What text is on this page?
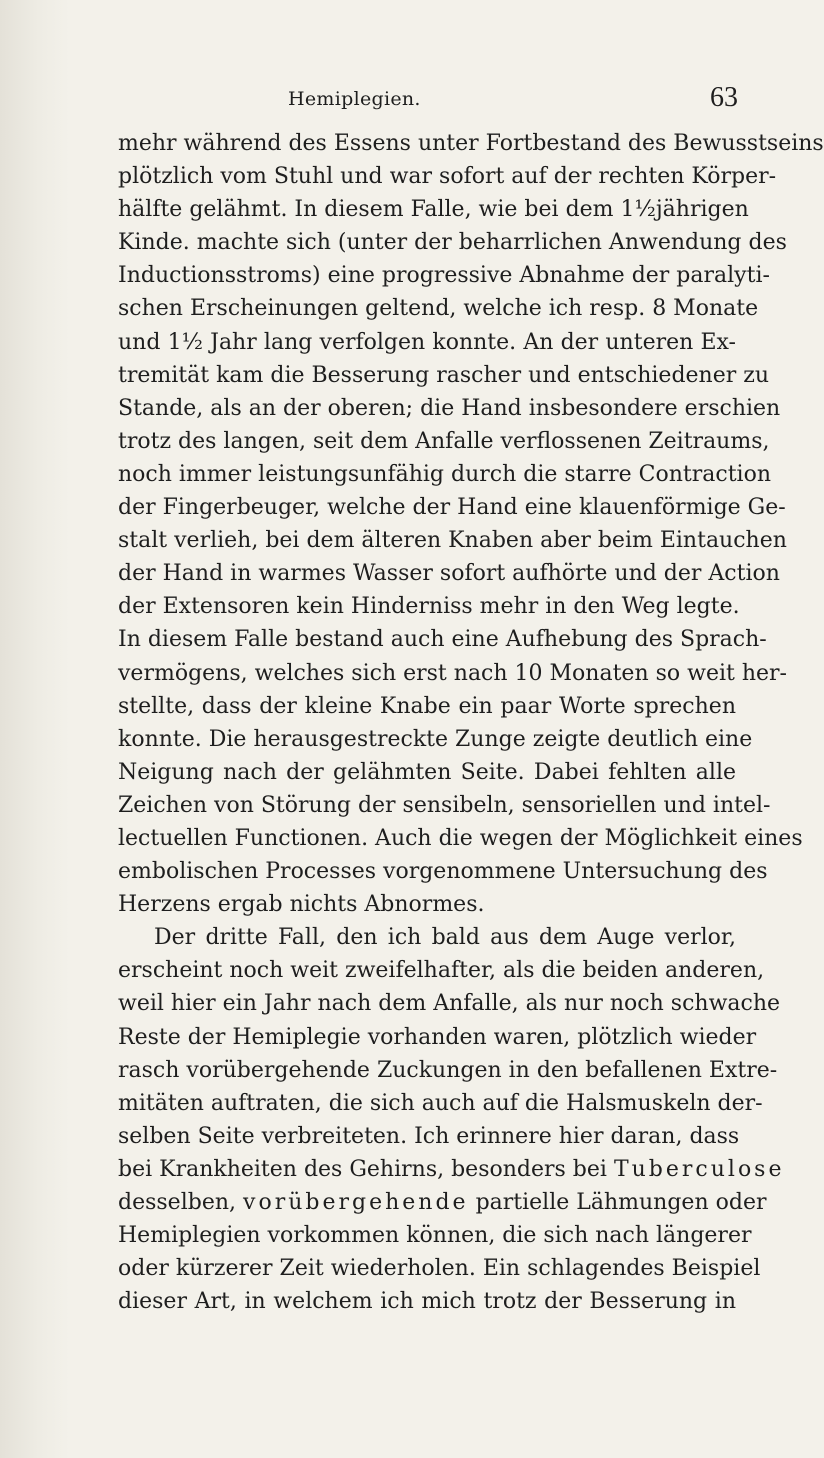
Hemiplegien.	63
mehr während des Essens unter Fortbestand des Bewusstseins
plötzlich vom Stuhl und war sofort auf der rechten Körper-
hälfte gelähmt. In diesem Falle, wie bei dem 1½jährigen
Kinde. machte sich (unter der beharrlichen Anwendung des
Inductionsstroms) eine progressive Abnahme der paralyti-
schen Erscheinungen geltend, welche ich resp. 8 Monate
und 1½ Jahr lang verfolgen konnte. An der unteren Ex-
tremität kam die Besserung rascher und entschiedener zu
Stande, als an der oberen; die Hand insbesondere erschien
trotz des langen, seit dem Anfalle verflossenen Zeitraums,
noch immer leistungsunfähig durch die starre Contraction
der Fingerbeuger, welche der Hand eine klauenförmige Ge-
stalt verlieh, bei dem älteren Knaben aber beim Eintauchen
der Hand in warmes Wasser sofort aufhörte und der Action
der Extensoren kein Hinderniss mehr in den Weg legte.
In diesem Falle bestand auch eine Aufhebung des Sprach-
vermögens, welches sich erst nach 10 Monaten so weit her-
stellte, dass der kleine Knabe ein paar Worte sprechen
konnte. Die herausgestreckte Zunge zeigte deutlich eine
Neigung nach der gelähmten Seite. Dabei fehlten alle
Zeichen von Störung der sensibeln, sensoriellen und intel-
lectuellen Functionen. Auch die wegen der Möglichkeit eines
embolischen Processes vorgenommene Untersuchung des
Herzens ergab nichts Abnormes.
Der dritte Fall, den ich bald aus dem Auge verlor,
erscheint noch weit zweifelhafter, als die beiden anderen,
weil hier ein Jahr nach dem Anfalle, als nur noch schwache
Reste der Hemiplegie vorhanden waren, plötzlich wieder
rasch vorübergehende Zuckungen in den befallenen Extre-
mitäten auftraten, die sich auch auf die Halsmuskeln der-
selben Seite verbreiteten. Ich erinnere hier daran, dass
bei Krankheiten des Gehirns, besonders bei Tuberculose
desselben, vorübergehende partielle Lähmungen oder
Hemiplegien vorkommen können, die sich nach längerer
oder kürzerer Zeit wiederholen. Ein schlagendes Beispiel
dieser Art, in welchem ich mich trotz der Besserung in
